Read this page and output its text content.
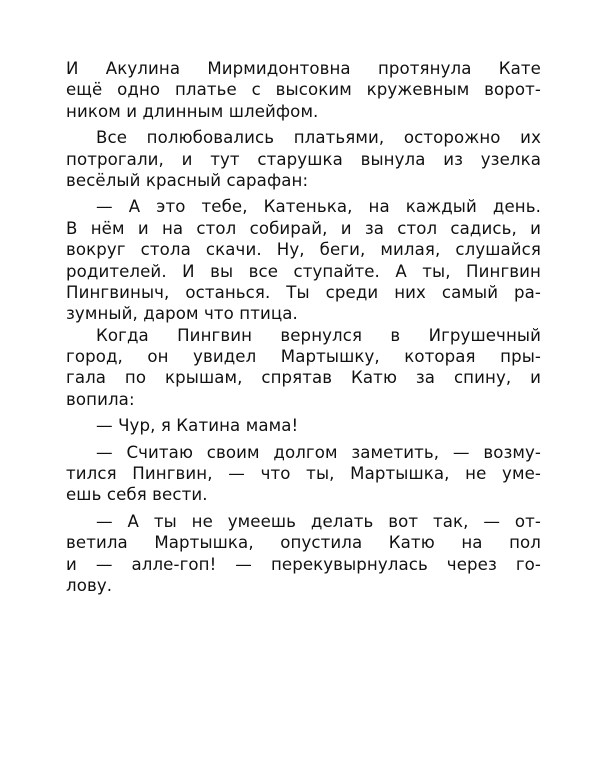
И Акулина Мирмидонтовна протянула Кате
ещё одно платье с высоким кружевным ворот-
ником и длинным шлейфом.
Все полюбовались платьями, осторожно их
потрогали, и тут старушка вынула из узелка
весёлый красный сарафан:
— А это тебе, Катенька, на каждый день.
В нём и на стол собирай, и за стол садись, и
вокруг стола скачи. Ну, беги, милая, слушайся
родителей. И вы все ступайте. А ты, Пингвин
Пингвиныч, останься. Ты среди них самый ра-
зумный, даром что птица.
Когда Пингвин вернулся в Игрушечный
город, он увидел Мартышку, которая пры-
гала по крышам, спрятав Катю за спину, и
вопила:
— Чур, я Катина мама!
— Считаю своим долгом заметить, — возму-
тился Пингвин, — что ты, Мартышка, не уме-
ешь себя вести.
— А ты не умеешь делать вот так, — от-
ветила Мартышка, опустила Катю на пол
и — алле-гоп! — перекувырнулась через го-
лову.
